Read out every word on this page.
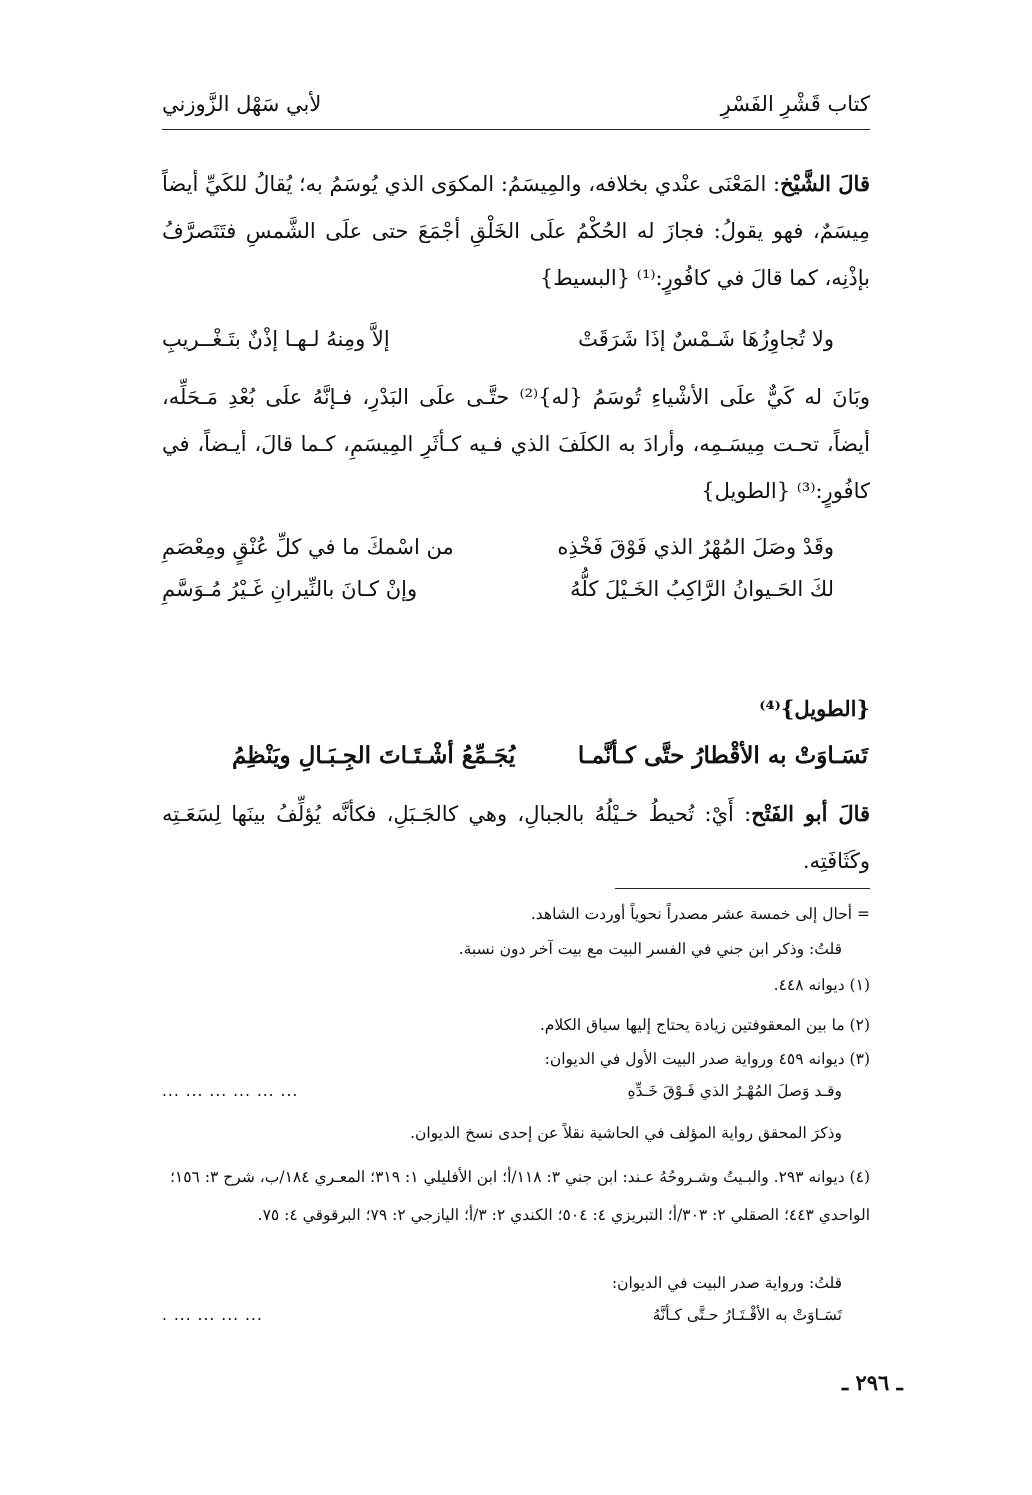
كتاب قَشْرِ الفَسْرِ
لأبي سَهْل الزَّوزني

قالَ الشَّيْخ: المَعْنَى عنْدي بخلافه، والمِيسَمُ: المكوَى الذي يُوسَمُ به؛ يُقالُ للكَيِّ أيضاً مِيسَمٌ، فهو يقولُ: فجازَ له الحُكْمُ علَى الخَلْقِ أجْمَعَ حتى علَى الشَّمسِ فتَتَصرَّفُ بإذْنِه، كما قالَ في كافُورٍ:⁽¹⁾ {البسيط}

ولا تُجاوِزُهَا شَـمْسٌ إذَا شَرَقَتْ
إلاَّ ومِنهُ لـهـا إذْنٌ بتَـغْــريبِ

وبَانَ له كَيٌّ علَى الأشْياءِ تُوسَمُ {له}⁽²⁾ حتَّـى علَى البَدْرِ، فـإنَّهُ علَى بُعْدِ مَـحَلِّه، أيضاً، تحـت مِيسَـمِه، وأرادَ به الكلَفَ الذي فـيه كـأثَرِ المِيسَمِ، كـما قالَ، أيـضاً، في كافُورٍ:⁽³⁾ {الطويل}

وقَدْ وصَلَ المُهْرُ الذي فَوْقَ فَخْذِه
من اسْمكَ ما في كلِّ عُنْقٍ ومِعْصَمِ
لكَ الحَـيوانُ الرَّاكِبُ الخَـيْلَ كلُّهُ
وإنْ كـانَ بالنِّيرانِ غَـيْرُ مُـوَسَّمِ
{الطويل}⁽⁴⁾
تَسَـاوَتْ به الأقْطارُ حتَّى كـأنَّمـا
يُجَـمِّعُ أشْـتَـاتَ الجِـبَـالِ ويَنْظِمُ

قالَ أبو الفَتْح: أَيْ: تُحيطُ خـيْلُهُ بالجبالِ، وهي كالجَـبَلِ، فكأنَّه يُؤلِّفُ بينَها لِسَعَـتِه وكَثَافَتِه.

= أحال إلى خمسة عشر مصدراً نحوياً أوردت الشاهد.

قلتُ: وذكر ابن جني في الفسر البيت مع بيت آخر دون نسبة.

(١) ديوانه ٤٤٨.

(٢) ما بين المعقوفتين زيادة يحتاج إليها سياق الكلام.

(٣) ديوانه ٤٥٩ ورواية صدر البيت الأول في الديوان:

وقـد وَصلَ المُهْـرُ الذي فَـوْقَ خَـدِّهِ
... ... ... ... ... ...

وذكرَ المحقق رواية المؤلف في الحاشية نقلاً عن إحدى نسخ الديوان.

(٤) ديوانه ٢٩٣. والبـيتُ وشـروحُهُ عـند: ابن جني ٣: ١١٨/أ؛ ابن الأفليلي ١: ٣١٩؛ المعـري ١٨٤/ب، شرح ٣: ١٥٦؛ الواحدي ٤٤٣؛ الصقلي ٢: ٣٠٣/أ؛ التبريزي ٤: ٥٠٤؛ الكندي ٢: ٣/أ؛ اليازجي ٢: ٧٩؛ البرقوقي ٤: ٧٥.

قلتُ: ورواية صدر البيت في الديوان:

تَسَـاوَتْ به الأقْـتَـارُ حـتَّى كـأنَّهُ
... ... ... ... .
ـ ٢٩٦ ـ
